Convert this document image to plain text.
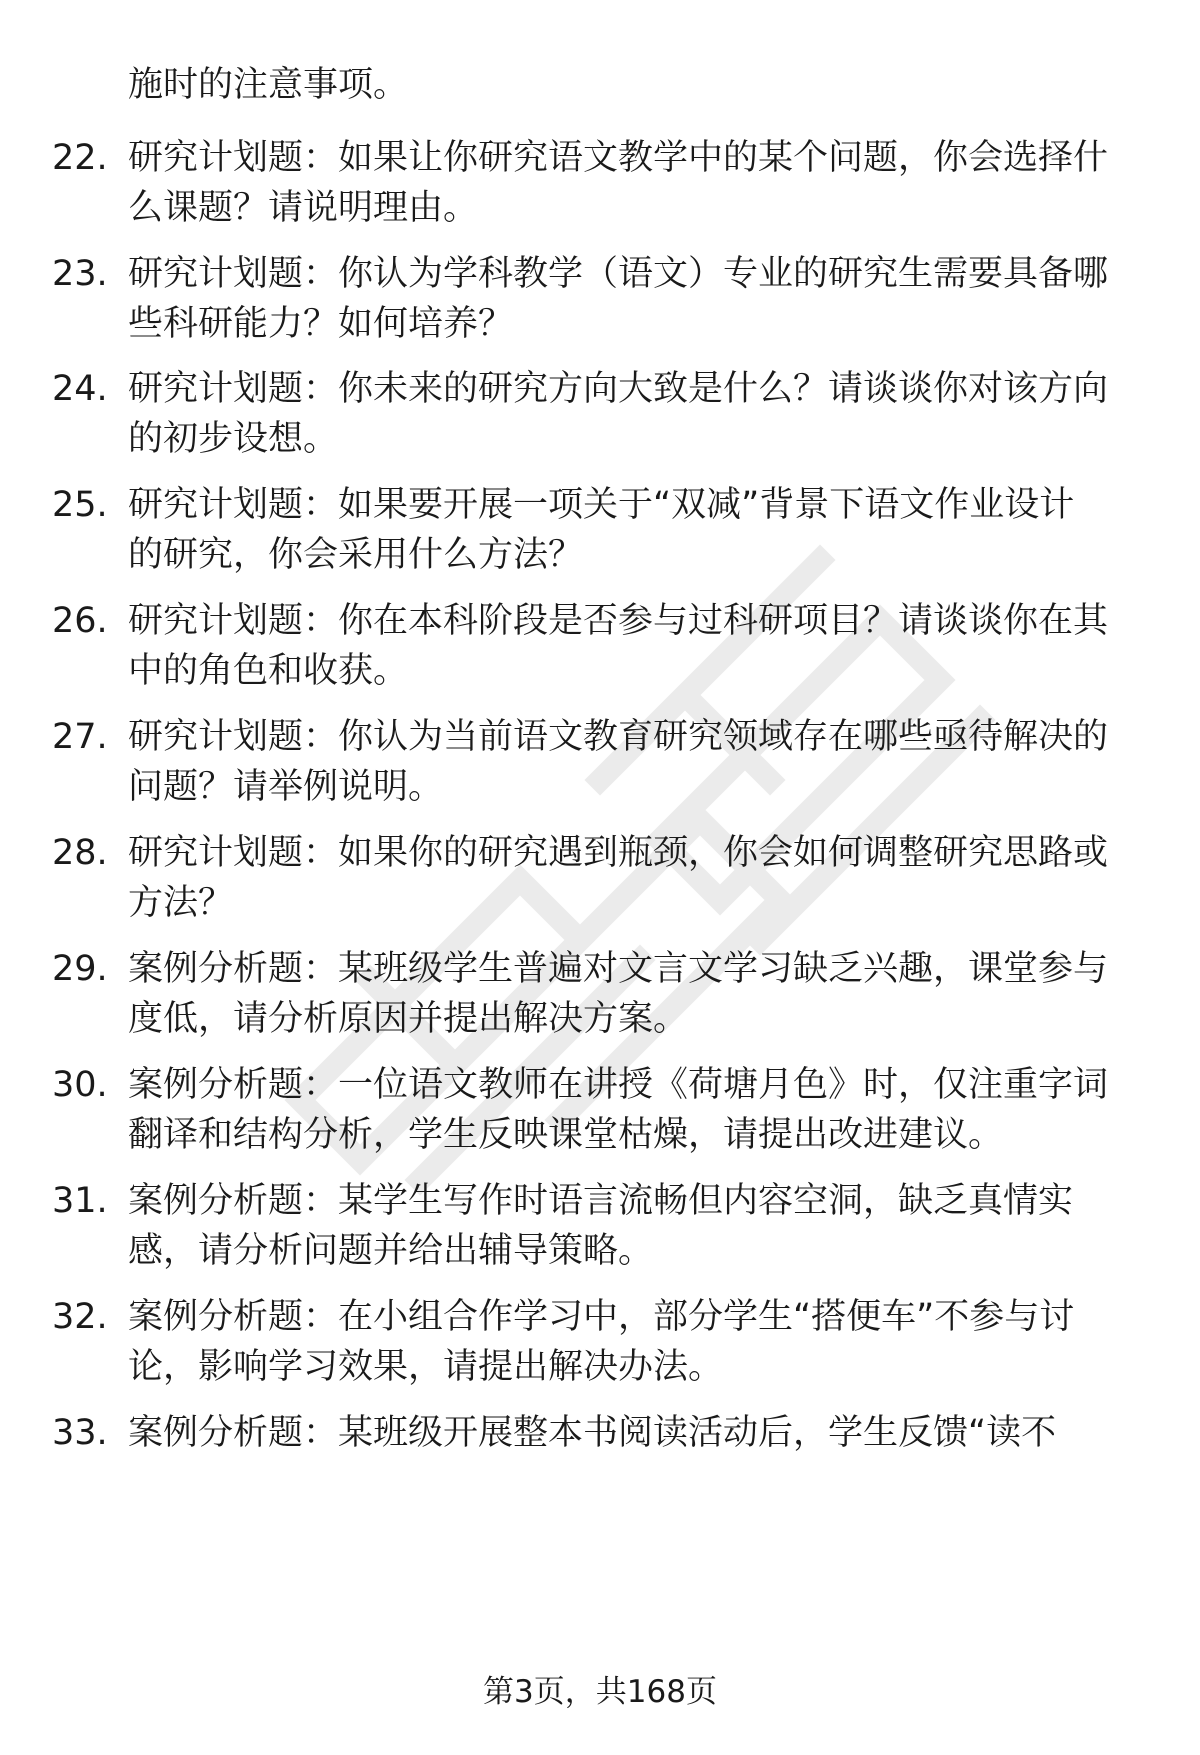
施时的注意事项。
22. 研究计划题：如果让你研究语文教学中的某个问题，你会选择什
么课题？请说明理由。
23. 研究计划题：你认为学科教学（语文）专业的研究生需要具备哪
些科研能力？如何培养？
24. 研究计划题：你未来的研究方向大致是什么？请谈谈你对该方向
的初步设想。
25. 研究计划题：如果要开展一项关于“双减”背景下语文作业设计
的研究，你会采用什么方法？
26. 研究计划题：你在本科阶段是否参与过科研项目？请谈谈你在其
中的角色和收获。
27. 研究计划题：你认为当前语文教育研究领域存在哪些亟待解决的
问题？请举例说明。
28. 研究计划题：如果你的研究遇到瓶颈，你会如何调整研究思路或
方法？
29. 案例分析题：某班级学生普遍对文言文学习缺乏兴趣，课堂参与
度低，请分析原因并提出解决方案。
30. 案例分析题：一位语文教师在讲授《荷塘月色》时，仅注重字词
翻译和结构分析，学生反映课堂枯燥，请提出改进建议。
31. 案例分析题：某学生写作时语言流畅但内容空洞，缺乏真情实
感，请分析问题并给出辅导策略。
32. 案例分析题：在小组合作学习中，部分学生“搭便车”不参与讨
论，影响学习效果，请提出解决办法。
33. 案例分析题：某班级开展整本书阅读活动后，学生反馈“读不
第3页，共168页
